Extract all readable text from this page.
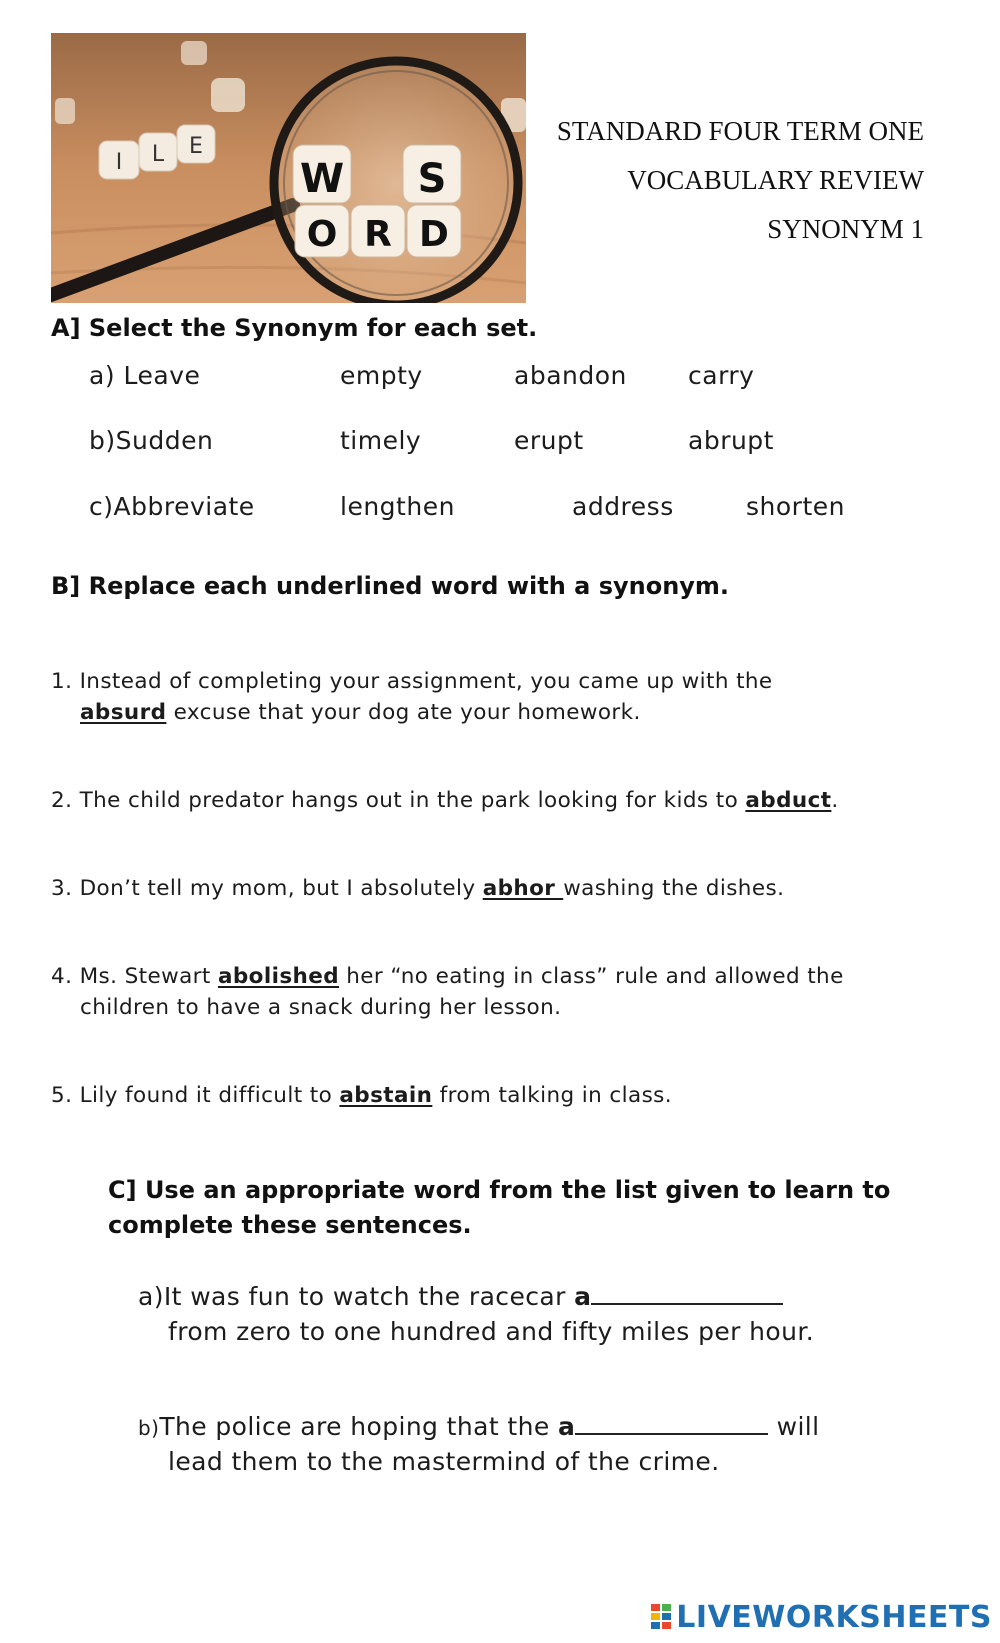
I L E
W S
O R D
STANDARD FOUR TERM ONE
VOCABULARY REVIEW
SYNONYM 1
A] Select the Synonym for each set.
a) Leave	empty	abandon carry
b)Sudden	timely	erupt	abrupt
c)Abbreviate	lengthen	address	shorten
B] Replace each underlined word with a synonym.
1. Instead of completing your assignment, you came up with the
absurd excuse that your dog ate your homework.
2. The child predator hangs out in the park looking for kids to abduct.
3. Don’t tell my mom, but I absolutely abhor washing the dishes.
4. Ms. Stewart abolished her “no eating in class” rule and allowed the
children to have a snack during her lesson.
5. Lily found it difficult to abstain from talking in class.
C] Use an appropriate word from the list given to learn to
complete these sentences.
a)It was fun to watch the racecar a
from zero to one hundred and fifty miles per hour.
b)The police are hoping that the a	will
lead them to the mastermind of the crime.
LIVEWORKSHEETS
